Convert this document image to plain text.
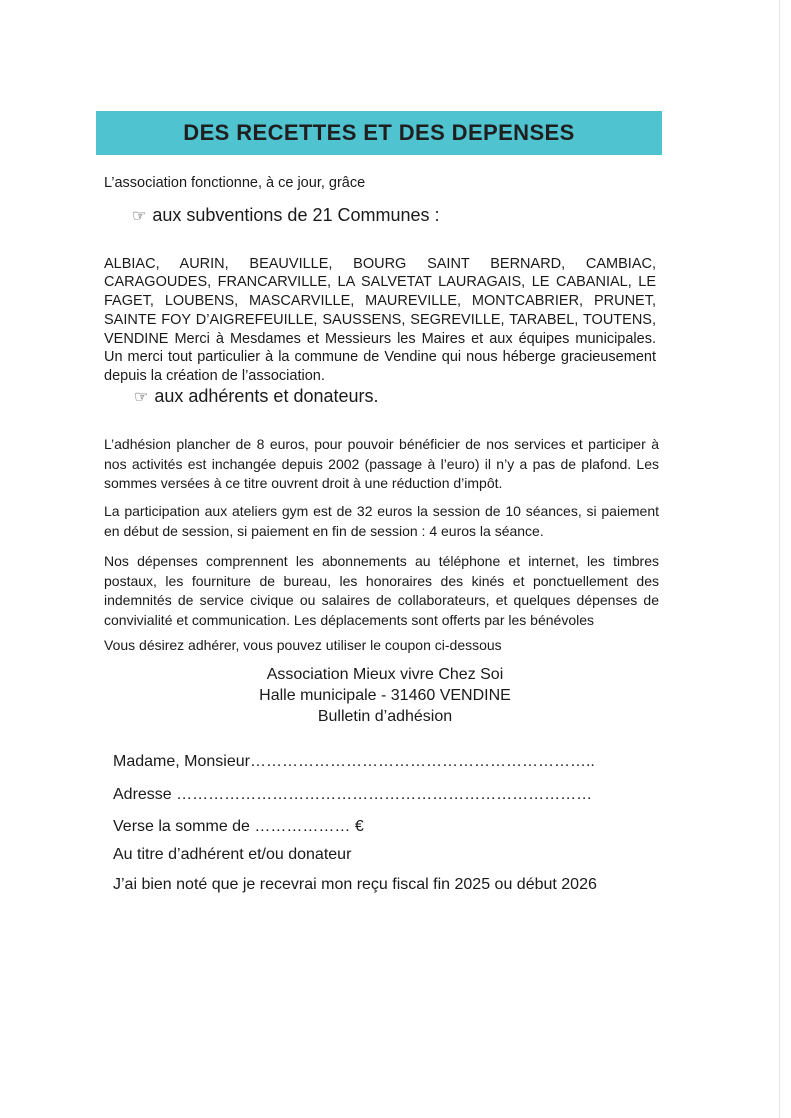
DES RECETTES ET DES DEPENSES

L’association fonctionne, à ce jour, grâce

☞ aux subventions de 21 Communes :

ALBIAC, AURIN, BEAUVILLE, BOURG SAINT BERNARD, CAMBIAC, CARAGOUDES, FRANCARVILLE, LA SALVETAT LAURAGAIS, LE CABANIAL, LE FAGET, LOUBENS, MASCARVILLE, MAUREVILLE, MONTCABRIER, PRUNET, SAINTE FOY D’AIGREFEUILLE, SAUSSENS, SEGREVILLE, TARABEL, TOUTENS, VENDINE Merci à Mesdames et Messieurs les Maires et aux équipes municipales. Un merci tout particulier à la commune de Vendine qui nous héberge gracieusement depuis la création de l’association.

☞ aux adhérents et donateurs.

L’adhésion plancher de 8 euros, pour pouvoir bénéficier de nos services et participer à nos activités est inchangée depuis 2002 (passage à l’euro) il n’y a pas de plafond. Les sommes versées à ce titre ouvrent droit à une réduction d’impôt.

La participation aux ateliers gym est de 32 euros la session de 10 séances, si paiement en début de session, si paiement en fin de session : 4 euros la séance.

Nos dépenses comprennent les abonnements au téléphone et internet, les timbres postaux, les fourniture de bureau, les honoraires des kinés et ponctuellement des indemnités de service civique ou salaires de collaborateurs, et quelques dépenses de convivialité et communication. Les déplacements sont offerts par les bénévoles

Vous désirez adhérer, vous pouvez utiliser le coupon ci-dessous

Association Mieux vivre Chez Soi
Halle municipale - 31460 VENDINE
Bulletin d’adhésion
Madame, Monsieur………………………………………………………..
Adresse ……………………………………………………………………
Verse la somme de ……………… €
Au titre d’adhérent et/ou donateur
J’ai bien noté que je recevrai mon reçu fiscal fin 2025 ou début 2026
